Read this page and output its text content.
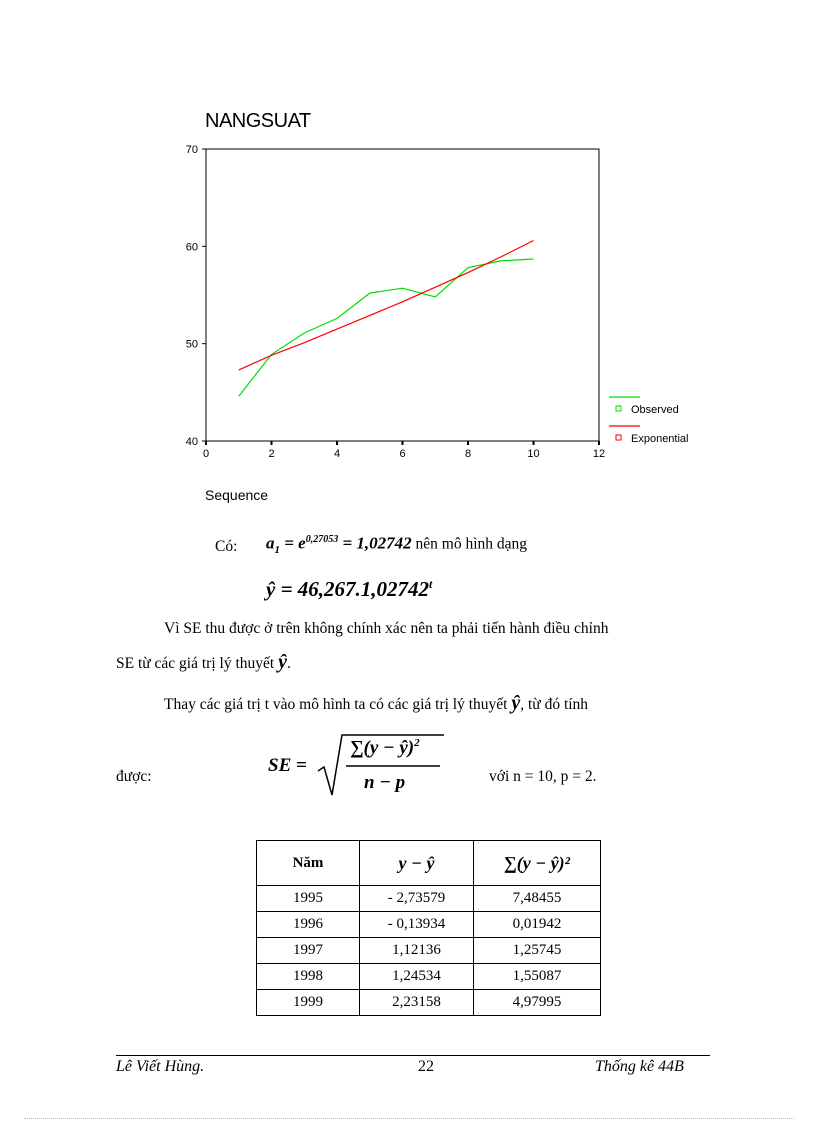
NANGSUAT
40
50
60
70
0	2	4	6	8	10	12
Observed
Exponential
Sequence
Có: $a_1 = e^{0,27053} = 1,02742$ nên mô hình dạng
ŷ = $46,267.1,02742^t$
Vì SE thu được ở trên không chính xác nên ta phải tiến hành điều chỉnh
SE từ các giá trị lý thuyết ŷ.
Thay các giá trị t vào mô hình ta có các giá trị lý thuyết ŷ, từ đó tính
được:
SE =
∑(y − ŷ)$^2$
n − p	với n = 10, p = 2.
Năm	y − ŷ	∑(y − ŷ)²
1995	- 2,73579	7,48455
1996	- 0,13934	0,01942
1997	1,12136	1,25745
1998	1,24534	1,55087
1999	2,23158	4,97995
Lê Viết Hùng.	22	Thống kê 44B
